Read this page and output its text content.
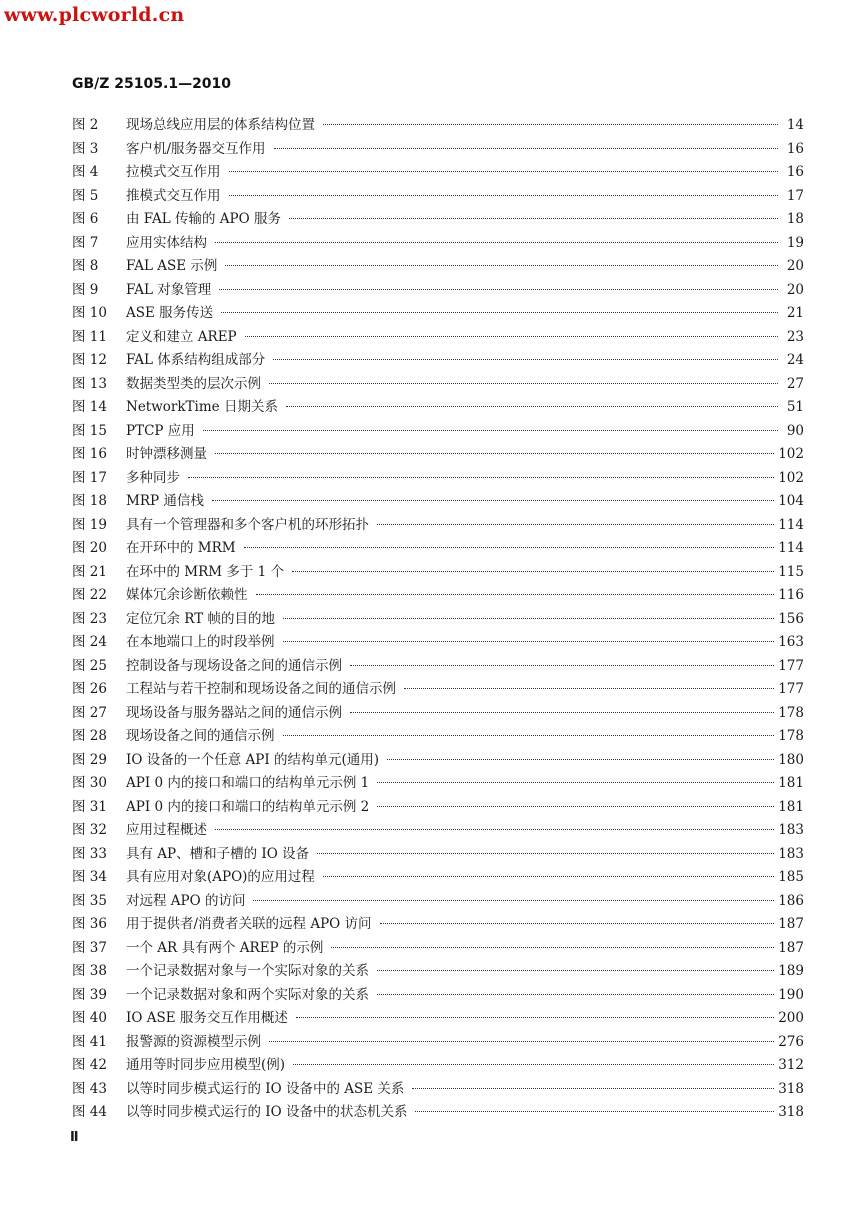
www.plcworld.cn
GB/Z 25105.1—2010
图 2	现场总线应用层的体系结构位置	14
图 3	客户机/服务器交互作用	16
图 4	拉模式交互作用	16
图 5	推模式交互作用	17
图 6	由 FAL 传输的 APO 服务	18
图 7	应用实体结构	19
图 8	FAL ASE 示例	20
图 9	FAL 对象管理	20
图 10	ASE 服务传送	21
图 11	定义和建立 AREP	23
图 12	FAL 体系结构组成部分	24
图 13	数据类型类的层次示例	27
图 14	NetworkTime 日期关系	51
图 15	PTCP 应用	90
图 16	时钟漂移测量	102
图 17	多种同步	102
图 18	MRP 通信栈	104
图 19	具有一个管理器和多个客户机的环形拓扑	114
图 20	在开环中的 MRM	114
图 21	在环中的 MRM 多于 1 个	115
图 22	媒体冗余诊断依赖性	116
图 23	定位冗余 RT 帧的目的地	156
图 24	在本地端口上的时段举例	163
图 25	控制设备与现场设备之间的通信示例	177
图 26	工程站与若干控制和现场设备之间的通信示例	177
图 27	现场设备与服务器站之间的通信示例	178
图 28	现场设备之间的通信示例	178
图 29	IO 设备的一个任意 API 的结构单元(通用)	180
图 30	API 0 内的接口和端口的结构单元示例 1	181
图 31	API 0 内的接口和端口的结构单元示例 2	181
图 32	应用过程概述	183
图 33	具有 AP、槽和子槽的 IO 设备	183
图 34	具有应用对象(APO)的应用过程	185
图 35	对远程 APO 的访问	186
图 36	用于提供者/消费者关联的远程 APO 访问	187
图 37	一个 AR 具有两个 AREP 的示例	187
图 38	一个记录数据对象与一个实际对象的关系	189
图 39	一个记录数据对象和两个实际对象的关系	190
图 40	IO ASE 服务交互作用概述	200
图 41	报警源的资源模型示例	276
图 42	通用等时同步应用模型(例)	312
图 43	以等时同步模式运行的 IO 设备中的 ASE 关系	318
图 44	以等时同步模式运行的 IO 设备中的状态机关系	318
Ⅱ
